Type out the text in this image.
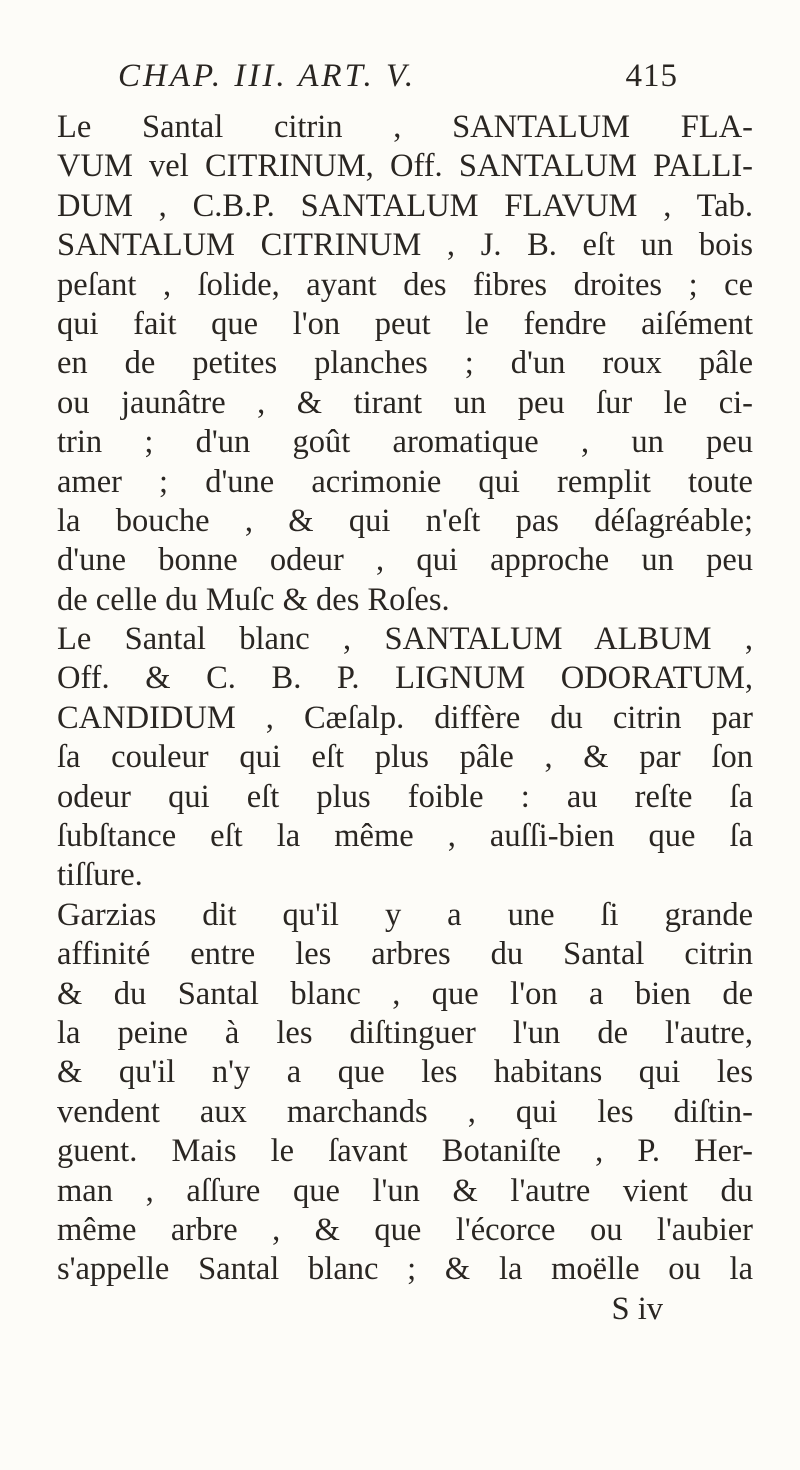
CHAP. III. ART. V.	415
Le Santal citrin , SANTALUM FLA-
VUM vel CITRINUM, Off. SANTALUM PALLI-
DUM , C.B.P. SANTALUM FLAVUM , Tab.
SANTALUM CITRINUM , J. B. eſt un bois
peſant , ſolide, ayant des fibres droites ; ce
qui fait que l'on peut le fendre aiſément
en de petites planches ; d'un roux pâle
ou jaunâtre , & tirant un peu ſur le ci-
trin ; d'un goût aromatique , un peu
amer ; d'une acrimonie qui remplit toute
la bouche , & qui n'eſt pas déſagréable;
d'une bonne odeur , qui approche un peu
de celle du Muſc & des Roſes.
Le Santal blanc , SANTALUM ALBUM ,
Off. & C. B. P. LIGNUM ODORATUM,
CANDIDUM , Cæſalp. diffère du citrin par
ſa couleur qui eſt plus pâle , & par ſon
odeur qui eſt plus foible : au reſte ſa
ſubſtance eſt la même , auſſi-bien que ſa
tiſſure.
Garzias dit qu'il y a une ſi grande
affinité entre les arbres du Santal citrin
& du Santal blanc , que l'on a bien de
la peine à les diſtinguer l'un de l'autre,
& qu'il n'y a que les habitans qui les
vendent aux marchands , qui les diſtin-
guent. Mais le ſavant Botaniſte , P. Her-
man , aſſure que l'un & l'autre vient du
même arbre , & que l'écorce ou l'aubier
s'appelle Santal blanc ; & la moëlle ou la
S iv
